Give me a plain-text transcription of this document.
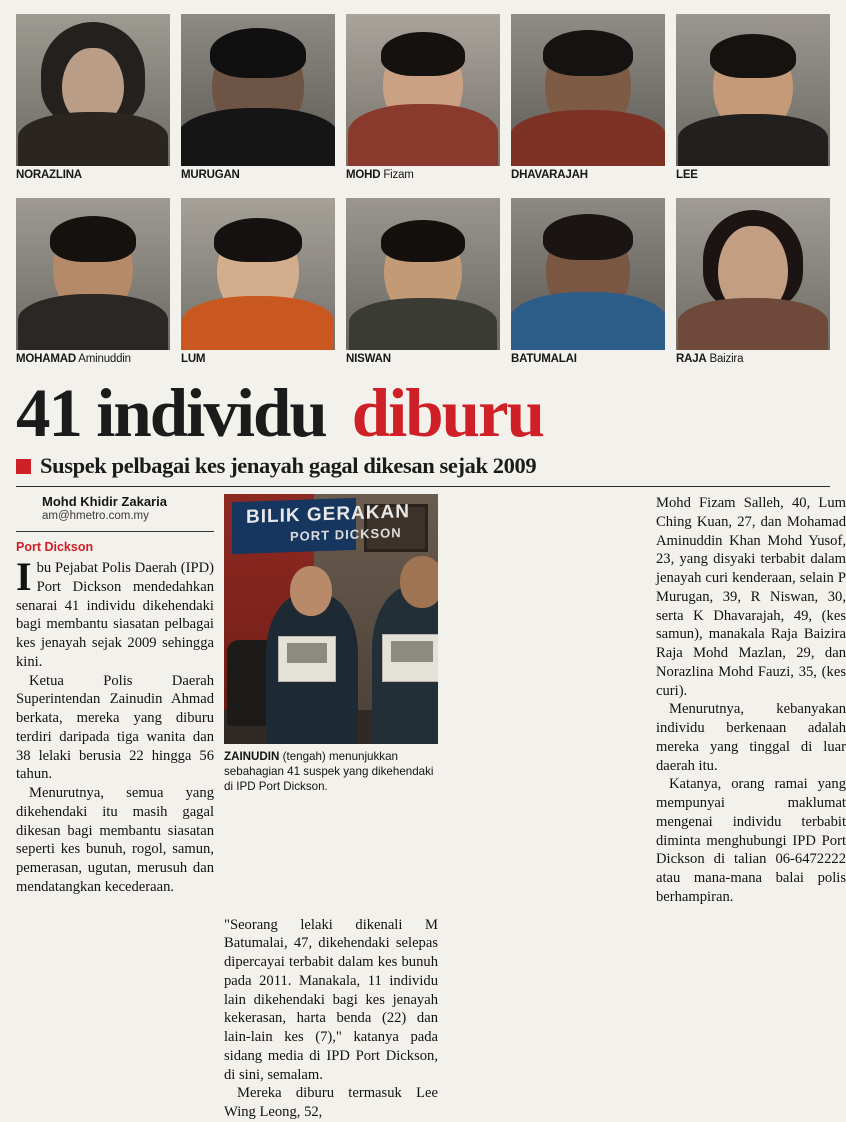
NORAZLINA	MURUGAN	MOHD Fizam	DHAVARAJAH	LEE
MOHAMAD Aminuddin	LUM	NISWAN	BATUMALAI	RAJA Baizira
41 individu diburu
Suspek pelbagai kes jenayah gagal dikesan sejak 2009
Mohd Khidir Zakaria
am@hmetro.com.my
Port Dickson

Ibu Pejabat Polis Daerah (IPD) Port Dickson mendedahkan senarai 41 individu dikehendaki bagi membantu siasatan pelbagai kes jenayah sejak 2009 sehingga kini.

Ketua Polis Daerah Superintendan Zainudin Ahmad berkata, mereka yang diburu terdiri daripada tiga wanita dan 38 lelaki berusia 22 hingga 56 tahun.

Menurutnya, semua yang dikehendaki itu masih gagal dikesan bagi membantu siasatan seperti kes bunuh, rogol, samun, pemerasan, ugutan, merusuh dan mendatangkan kecederaan.

BILIK GERAKAN
PORT DICKSON
ZAINUDIN (tengah) menunjukkan sebahagian 41 suspek yang dikehendaki di IPD Port Dickson.

Mohd Fizam Salleh, 40, Lum Ching Kuan, 27, dan Mohamad Aminuddin Khan Mohd Yusof, 23, yang disyaki terbabit dalam jenayah curi kenderaan, selain P Murugan, 39, R Niswan, 30, serta K Dhavarajah, 49, (kes samun), manakala Raja Baizira Raja Mohd Mazlan, 29, dan Norazlina Mohd Fauzi, 35, (kes curi).

Menurutnya, kebanyakan individu berkenaan adalah mereka yang tinggal di luar daerah itu.

Katanya, orang ramai yang mempunyai maklumat mengenai individu terbabit diminta menghubungi IPD Port Dickson di talian 06-6472222 atau mana-mana balai polis berhampiran.

"Seorang lelaki dikenali M Batumalai, 47, dikehendaki selepas dipercayai terbabit dalam kes bunuh pada 2011. Manakala, 11 individu lain dikehendaki bagi kes jenayah kekerasan, harta benda (22) dan lain-lain kes (7)," katanya pada sidang media di IPD Port Dickson, di sini, semalam.

Mereka diburu termasuk Lee Wing Leong, 52,
